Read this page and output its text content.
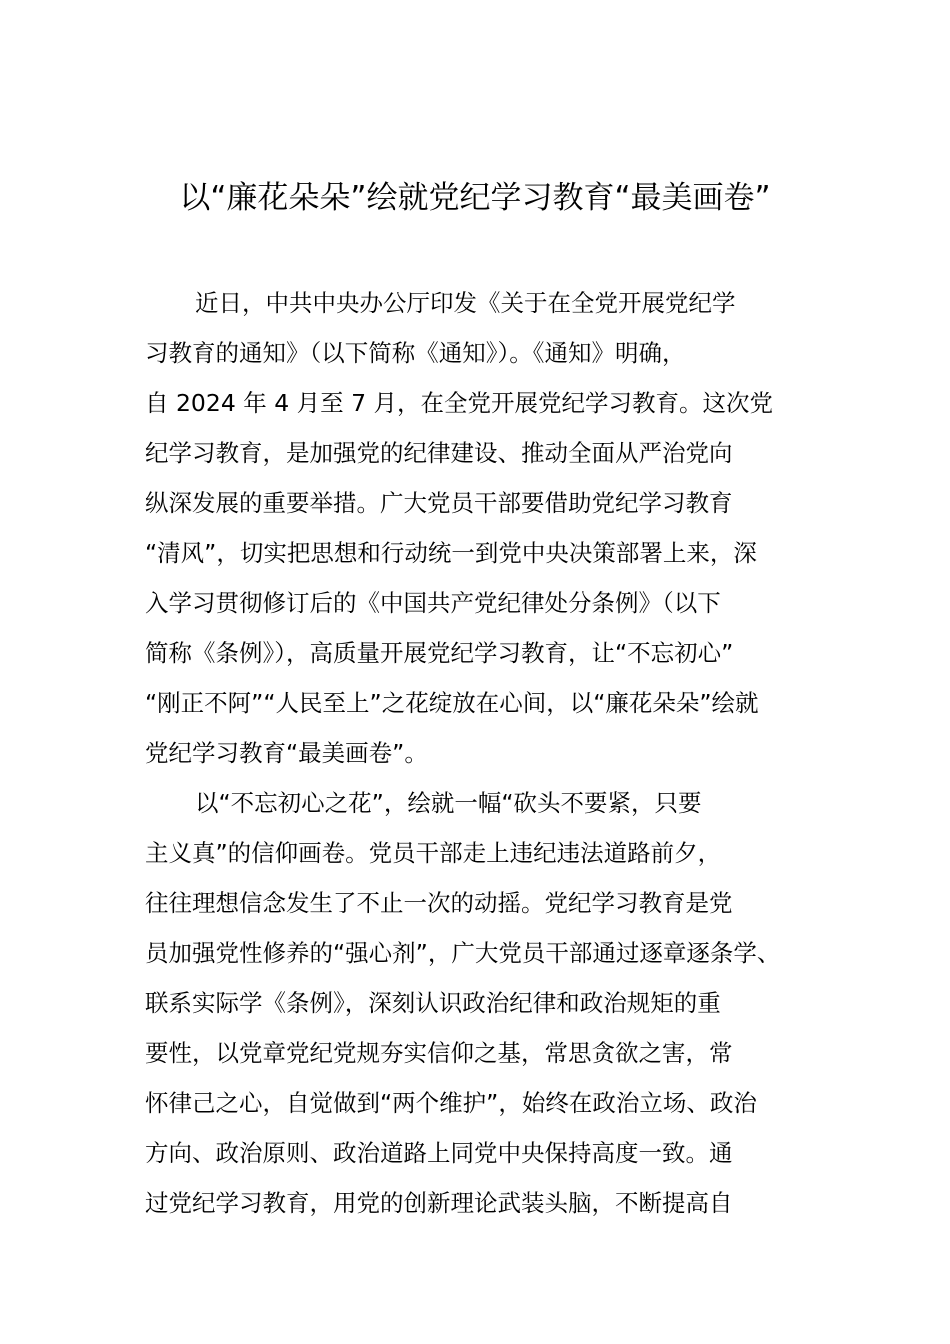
以“廉花朵朵”绘就党纪学习教育“最美画卷”
近日，中共中央办公厅印发《关于在全党开展党纪学
习教育的通知》（以下简称《通知》）。《通知》明确，
自 2024 年 4 月至 7 月，在全党开展党纪学习教育。这次党
纪学习教育，是加强党的纪律建设、推动全面从严治党向
纵深发展的重要举措。广大党员干部要借助党纪学习教育
“清风”，切实把思想和行动统一到党中央决策部署上来，深
入学习贯彻修订后的《中国共产党纪律处分条例》（以下
简称《条例》），高质量开展党纪学习教育，让“不忘初心”
“刚正不阿”“人民至上”之花绽放在心间，以“廉花朵朵”绘就
党纪学习教育“最美画卷”。
以“不忘初心之花”，绘就一幅“砍头不要紧，只要
主义真”的信仰画卷。党员干部走上违纪违法道路前夕，
往往理想信念发生了不止一次的动摇。党纪学习教育是党
员加强党性修养的“强心剂”，广大党员干部通过逐章逐条学、
联系实际学《条例》，深刻认识政治纪律和政治规矩的重
要性，以党章党纪党规夯实信仰之基，常思贪欲之害，常
怀律己之心，自觉做到“两个维护”，始终在政治立场、政治
方向、政治原则、政治道路上同党中央保持高度一致。通
过党纪学习教育，用党的创新理论武装头脑，不断提高自
